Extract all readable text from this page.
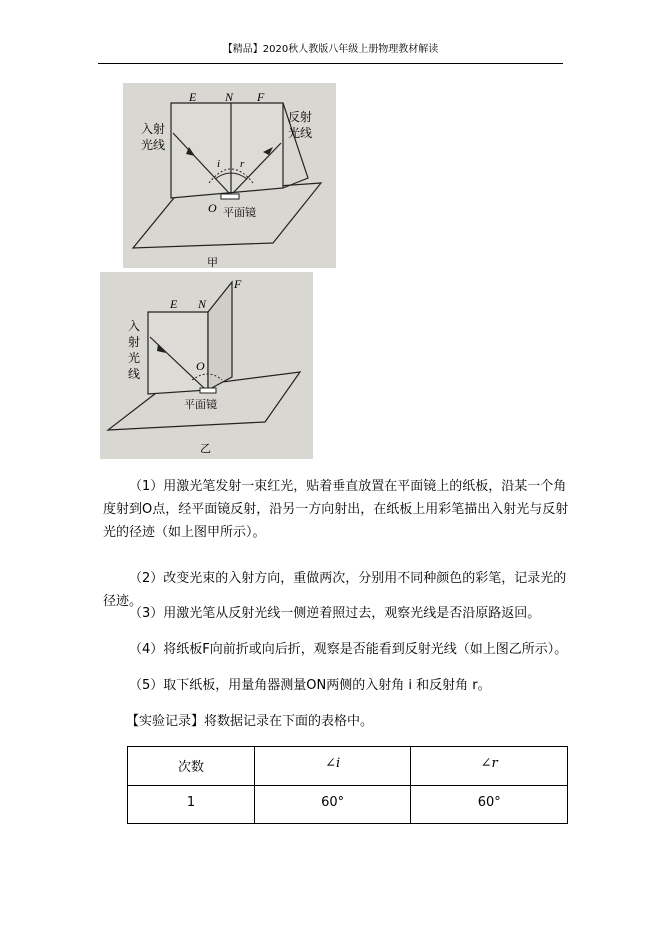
【精品】2020秋人教版八年级上册物理教材解读
E N F
入射
光线
反射
光线
i r
O 平面镜
甲
E N
F
入
射
光
线
O
平面镜
乙

（1）用激光笔发射一束红光，贴着垂直放置在平面镜上的纸板，沿某一个角度射到O点，经平面镜反射，沿另一方向射出，在纸板上用彩笔描出入射光与反射光的径迹（如上图甲所示）。

（2）改变光束的入射方向，重做两次，分别用不同种颜色的彩笔，记录光的径迹。

（3）用激光笔从反射光线一侧逆着照过去，观察光线是否沿原路返回。

（4）将纸板F向前折或向后折，观察是否能看到反射光线（如上图乙所示）。

（5）取下纸板，用量角器测量ON两侧的入射角 i 和反射角 r。

【实验记录】将数据记录在下面的表格中。

次数	∠i	∠r
1	60°	60°
